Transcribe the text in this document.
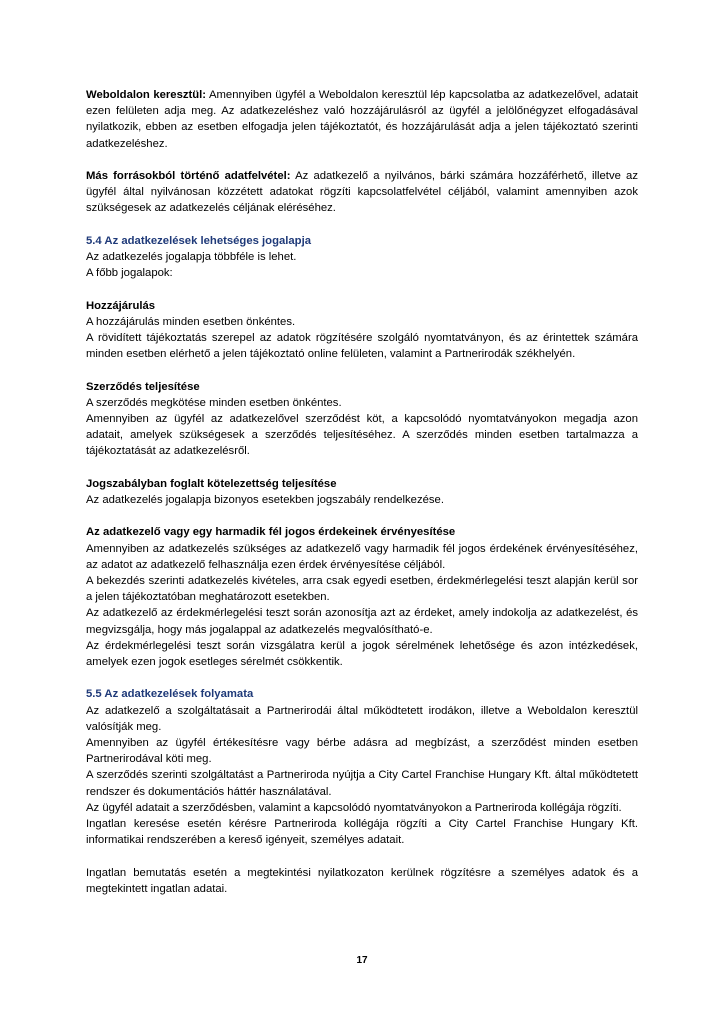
Weboldalon keresztül: Amennyiben ügyfél a Weboldalon keresztül lép kapcsolatba az adatkezelővel, adatait ezen felületen adja meg. Az adatkezeléshez való hozzájárulásról az ügyfél a jelölőnégyzet elfogadásával nyilatkozik, ebben az esetben elfogadja jelen tájékoztatót, és hozzájárulását adja a jelen tájékoztató szerinti adatkezeléshez.

Más forrásokból történő adatfelvétel: Az adatkezelő a nyilvános, bárki számára hozzáférhető, illetve az ügyfél által nyilvánosan közzétett adatokat rögzíti kapcsolatfelvétel céljából, valamint amennyiben azok szükségesek az adatkezelés céljának eléréséhez.

5.4 Az adatkezelések lehetséges jogalapja

Az adatkezelés jogalapja többféle is lehet.

A főbb jogalapok:

Hozzájárulás

A hozzájárulás minden esetben önkéntes.

A rövidített tájékoztatás szerepel az adatok rögzítésére szolgáló nyomtatványon, és az érintettek számára minden esetben elérhető a jelen tájékoztató online felületen, valamint a Partnerirodák székhelyén.

Szerződés teljesítése

A szerződés megkötése minden esetben önkéntes.

Amennyiben az ügyfél az adatkezelővel szerződést köt, a kapcsolódó nyomtatványokon megadja azon adatait, amelyek szükségesek a szerződés teljesítéséhez. A szerződés minden esetben tartalmazza a tájékoztatását az adatkezelésről.

Jogszabályban foglalt kötelezettség teljesítése

Az adatkezelés jogalapja bizonyos esetekben jogszabály rendelkezése.

Az adatkezelő vagy egy harmadik fél jogos érdekeinek érvényesítése

Amennyiben az adatkezelés szükséges az adatkezelő vagy harmadik fél jogos érdekének érvényesítéséhez, az adatot az adatkezelő felhasználja ezen érdek érvényesítése céljából.

A bekezdés szerinti adatkezelés kivételes, arra csak egyedi esetben, érdekmérlegelési teszt alapján kerül sor a jelen tájékoztatóban meghatározott esetekben.

Az adatkezelő az érdekmérlegelési teszt során azonosítja azt az érdeket, amely indokolja az adatkezelést, és megvizsgálja, hogy más jogalappal az adatkezelés megvalósítható-e.

Az érdekmérlegelési teszt során vizsgálatra kerül a jogok sérelmének lehetősége és azon intézkedések, amelyek ezen jogok esetleges sérelmét csökkentik.

5.5 Az adatkezelések folyamata

Az adatkezelő a szolgáltatásait a Partnerirodái által működtetett irodákon, illetve a Weboldalon keresztül valósítják meg.

Amennyiben az ügyfél értékesítésre vagy bérbe adásra ad megbízást, a szerződést minden esetben Partnerirodával köti meg.

A szerződés szerinti szolgáltatást a Partneriroda nyújtja a City Cartel Franchise Hungary Kft. által működtetett rendszer és dokumentációs háttér használatával.

Az ügyfél adatait a szerződésben, valamint a kapcsolódó nyomtatványokon a Partneriroda kollégája rögzíti.

Ingatlan keresése esetén kérésre Partneriroda kollégája rögzíti a City Cartel Franchise Hungary Kft. informatikai rendszerében a kereső igényeit, személyes adatait.

Ingatlan bemutatás esetén a megtekintési nyilatkozaton kerülnek rögzítésre a személyes adatok és a megtekintett ingatlan adatai.

17
